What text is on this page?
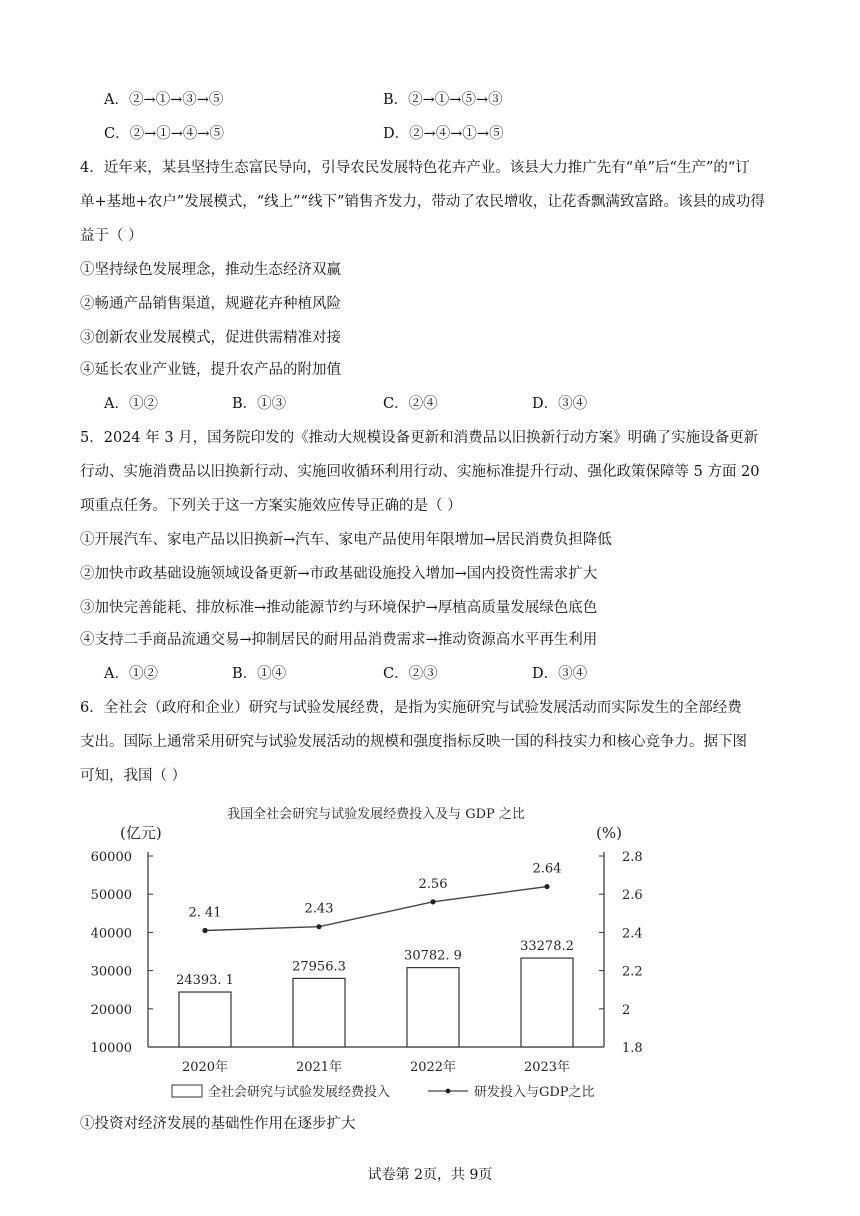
A．②→①→③→⑤	B．②→①→⑤→③
C．②→①→④→⑤	D．②→④→①→⑤
4．近年来，某县坚持生态富民导向，引导农民发展特色花卉产业。该县大力推广先有“单”后“生产”的“订
单+基地+农户”发展模式，“线上”“线下”销售齐发力，带动了农民增收，让花香飘满致富路。该县的成功得
益于（ ）
①坚持绿色发展理念，推动生态经济双赢
②畅通产品销售渠道，规避花卉种植风险
③创新农业发展模式，促进供需精准对接
④延长农业产业链，提升农产品的附加值
A．①②	B．①③	C．②④	D．③④
5．2024 年 3 月，国务院印发的《推动大规模设备更新和消费品以旧换新行动方案》明确了实施设备更新
行动、实施消费品以旧换新行动、实施回收循环利用行动、实施标准提升行动、强化政策保障等 5 方面 20
项重点任务。下列关于这一方案实施效应传导正确的是（ ）
①开展汽车、家电产品以旧换新→汽车、家电产品使用年限增加→居民消费负担降低
②加快市政基础设施领域设备更新→市政基础设施投入增加→国内投资性需求扩大
③加快完善能耗、排放标准→推动能源节约与环境保护→厚植高质量发展绿色底色
④支持二手商品流通交易→抑制居民的耐用品消费需求→推动资源高水平再生利用
A．①②	B．①④	C．②③	D．③④
6．全社会（政府和企业）研究与试验发展经费，是指为实施研究与试验发展活动而实际发生的全部经费
支出。国际上通常采用研究与试验发展活动的规模和强度指标反映一国的科技实力和核心竞争力。据下图
可知，我国（ ）
我国全社会研究与试验发展经费投入及与 GDP 之比
(亿元)	(%)
60000
50000
40000
30000
20000
10000
2.8
2.6
2.4
2.2
2
1.8
24393. 1
27956.3
30782. 9
33278.2
2020年	2021年	2022年	2023年
2. 41	2.43
2.56
2.64
全社会研究与试验发展经费投入	研发投入与GDP之比
①投资对经济发展的基础性作用在逐步扩大
试卷第 2页，共 9页
